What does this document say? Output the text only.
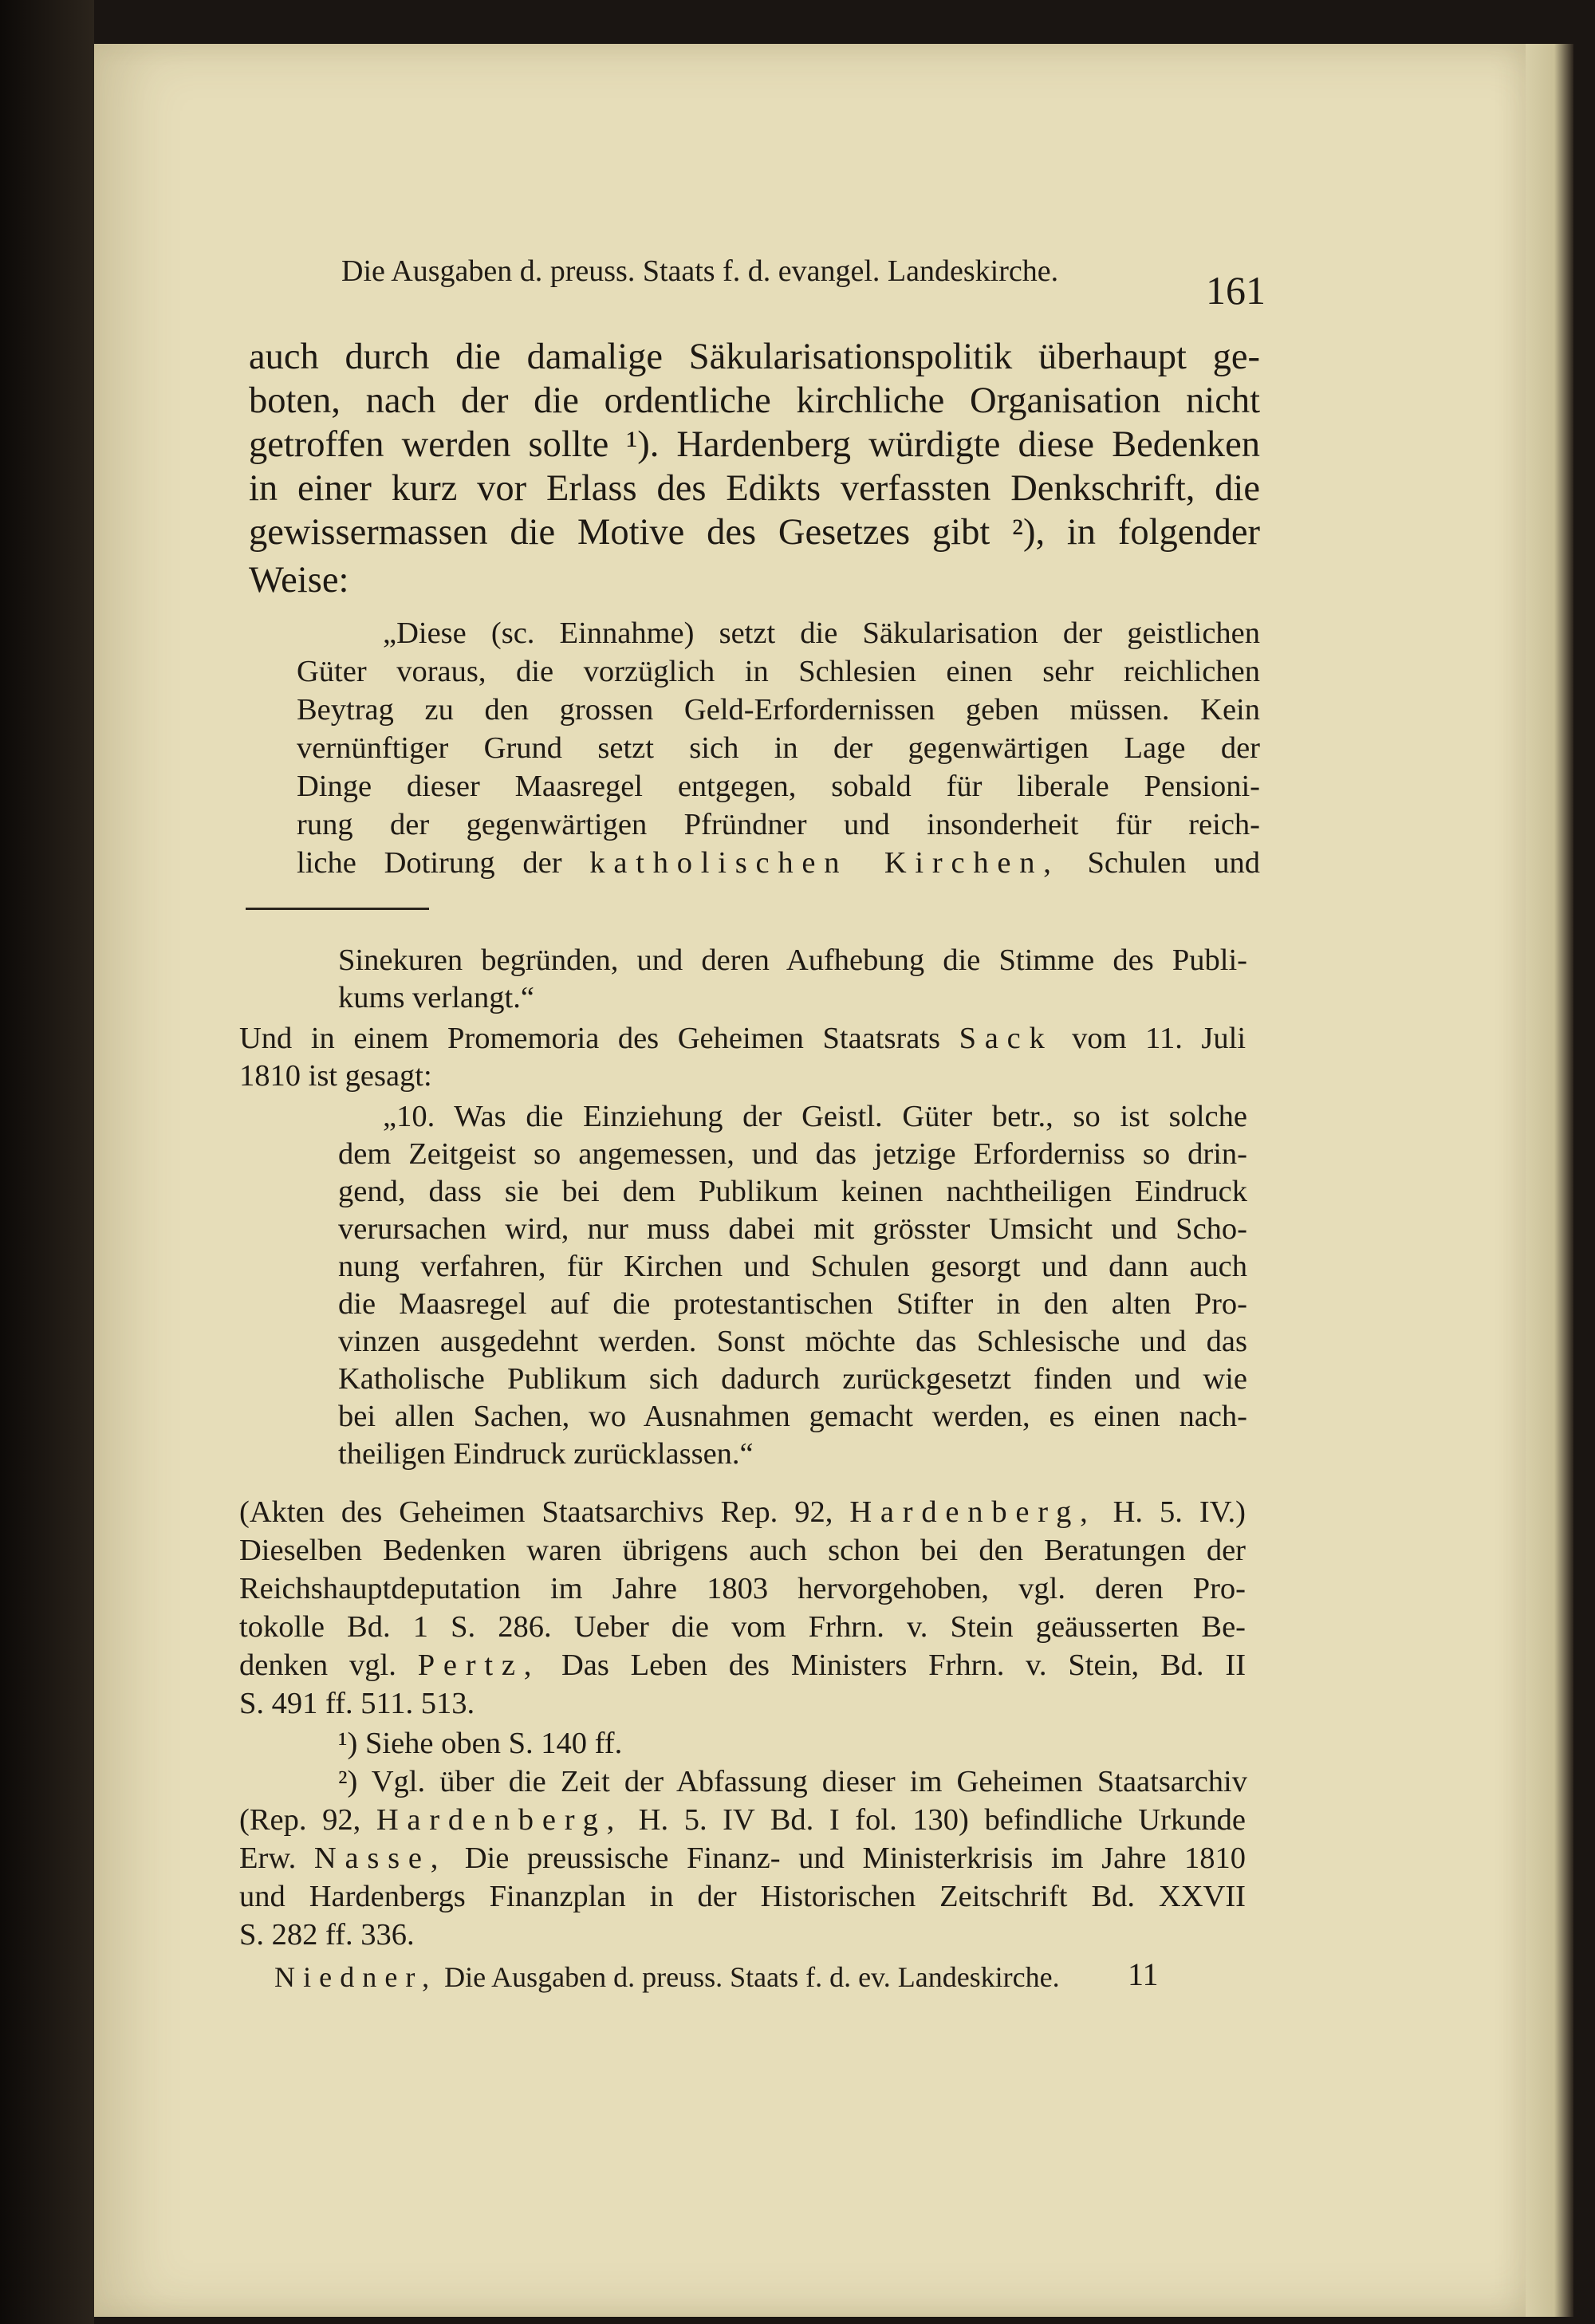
Die Ausgaben d. preuss. Staats f. d. evangel. Landeskirche.	161
auch durch die damalige Säkularisationspolitik überhaupt ge-
boten, nach der die ordentliche kirchliche Organisation nicht
getroffen werden sollte ¹). Hardenberg würdigte diese Bedenken
in einer kurz vor Erlass des Edikts verfassten Denkschrift, die
gewissermassen die Motive des Gesetzes gibt ²), in folgender
Weise:
„Diese (sc. Einnahme) setzt die Säkularisation der geistlichen
Güter voraus, die vorzüglich in Schlesien einen sehr reichlichen
Beytrag zu den grossen Geld-Erfordernissen geben müssen. Kein
vernünftiger Grund setzt sich in der gegenwärtigen Lage der
Dinge dieser Maasregel entgegen, sobald für liberale Pensioni-
rung der gegenwärtigen Pfründner und insonderheit für reich-
liche Dotirung der katholischen Kirchen, Schulen und
Sinekuren begründen, und deren Aufhebung die Stimme des Publi-
kums verlangt.“
Und in einem Promemoria des Geheimen Staatsrats Sack vom 11. Juli
1810 ist gesagt:
„10. Was die Einziehung der Geistl. Güter betr., so ist solche
dem Zeitgeist so angemessen, und das jetzige Erforderniss so drin-
gend, dass sie bei dem Publikum keinen nachtheiligen Eindruck
verursachen wird, nur muss dabei mit grösster Umsicht und Scho-
nung verfahren, für Kirchen und Schulen gesorgt und dann auch
die Maasregel auf die protestantischen Stifter in den alten Pro-
vinzen ausgedehnt werden. Sonst möchte das Schlesische und das
Katholische Publikum sich dadurch zurückgesetzt finden und wie
bei allen Sachen, wo Ausnahmen gemacht werden, es einen nach-
theiligen Eindruck zurücklassen.“
(Akten des Geheimen Staatsarchivs Rep. 92, Hardenberg, H. 5. IV.)
Dieselben Bedenken waren übrigens auch schon bei den Beratungen der
Reichshauptdeputation im Jahre 1803 hervorgehoben, vgl. deren Pro-
tokolle Bd. 1 S. 286. Ueber die vom Frhrn. v. Stein geäusserten Be-
denken vgl. Pertz, Das Leben des Ministers Frhrn. v. Stein, Bd. II
S. 491 ff. 511. 513.
¹) Siehe oben S. 140 ff.
²) Vgl. über die Zeit der Abfassung dieser im Geheimen Staatsarchiv
(Rep. 92, Hardenberg, H. 5. IV Bd. I fol. 130) befindliche Urkunde
Erw. Nasse, Die preussische Finanz- und Ministerkrisis im Jahre 1810
und Hardenbergs Finanzplan in der Historischen Zeitschrift Bd. XXVII
S. 282 ff. 336.
Niedner, Die Ausgaben d. preuss. Staats f. d. ev. Landeskirche. 11
